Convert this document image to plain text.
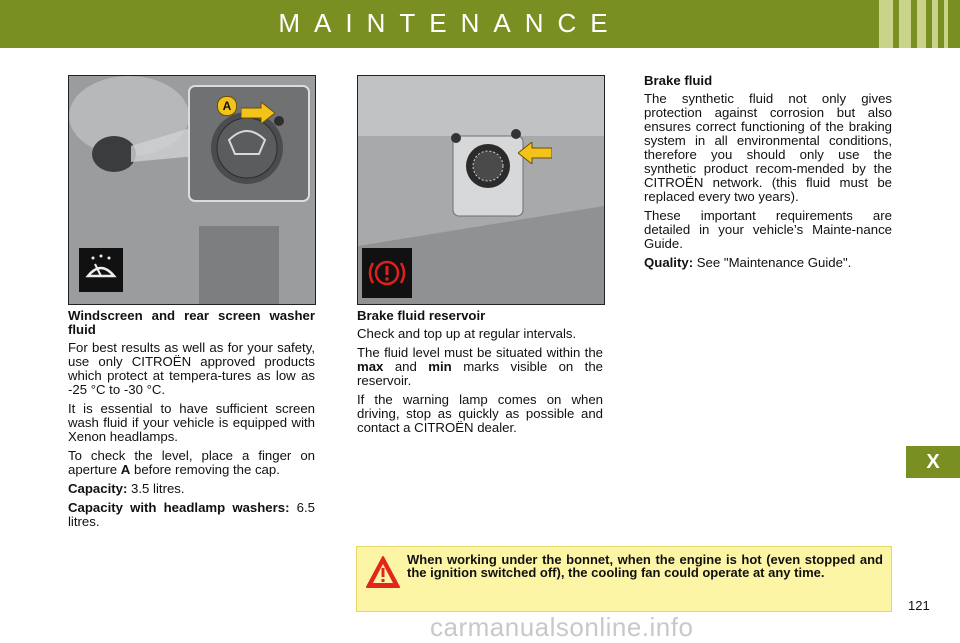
MAINTENANCE
A

Windscreen and rear screen washer fluid

For best results as well as for your safety, use only CITROËN approved products which protect at tempera-tures as low as -25 °C to -30 °C.

It is essential to have sufficient screen wash fluid if your vehicle is equipped with Xenon headlamps.

To check the level, place a finger on aperture A before removing the cap.

Capacity: 3.5 litres.

Capacity with headlamp washers: 6.5 litres.

Brake fluid reservoir

Check and top up at regular intervals.

The fluid level must be situated within the max and min marks visible on the reservoir.

If the warning lamp comes on when driving, stop as quickly as possible and contact a CITROËN dealer.

Brake fluid

The synthetic fluid not only gives protection against corrosion but also ensures correct functioning of the braking system in all environmental conditions, therefore you should only use the synthetic product recom-mended by the CITROËN network. (this fluid must be replaced every two years).

These important requirements are detailed in your vehicle’s Mainte-nance Guide.

Quality: See "Maintenance Guide".

X
When working under the bonnet, when the engine is hot (even stopped and the ignition switched off), the cooling fan could operate at any time.
121
carmanualsonline.info
